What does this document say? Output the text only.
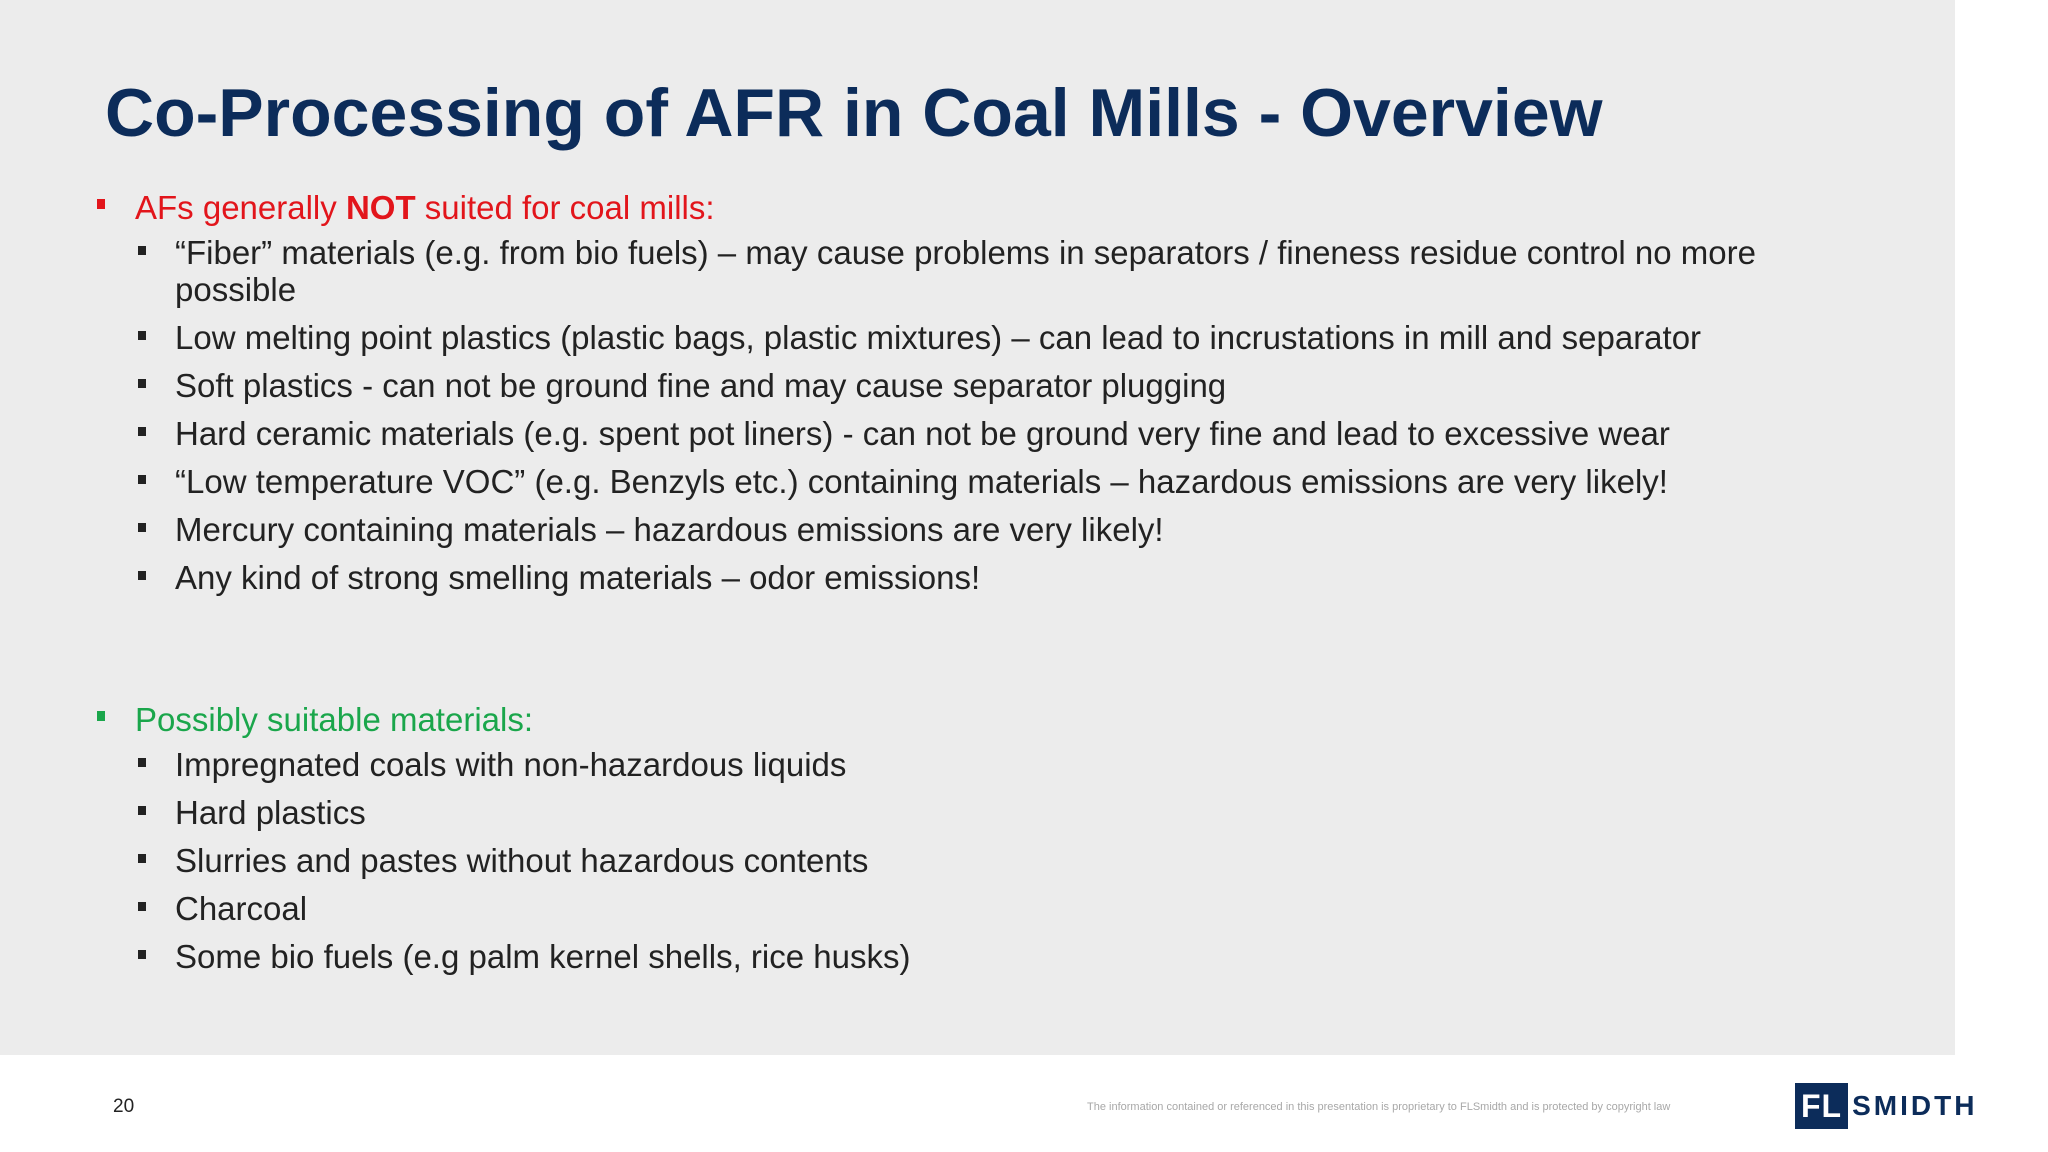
Co-Processing of AFR in Coal Mills - Overview
AFs generally NOT suited for coal mills:
“Fiber” materials (e.g. from bio fuels) – may cause problems in separators / fineness residue control no more possible
Low melting point plastics (plastic bags, plastic mixtures) – can lead to incrustations in mill and separator
Soft plastics - can not be ground fine and may cause separator plugging
Hard ceramic materials (e.g. spent pot liners) - can not be ground very fine and lead to excessive wear
“Low temperature VOC” (e.g. Benzyls etc.) containing materials – hazardous emissions are very likely!
Mercury containing materials – hazardous emissions are very likely!
Any kind of strong smelling materials – odor emissions!
Possibly suitable materials:
Impregnated coals with non-hazardous liquids
Hard plastics
Slurries and pastes without hazardous contents
Charcoal
Some bio fuels (e.g palm kernel shells, rice husks)
20	The information contained or referenced in this presentation is proprietary to FLSmidth and is protected by copyright law	FL SMIDTH
